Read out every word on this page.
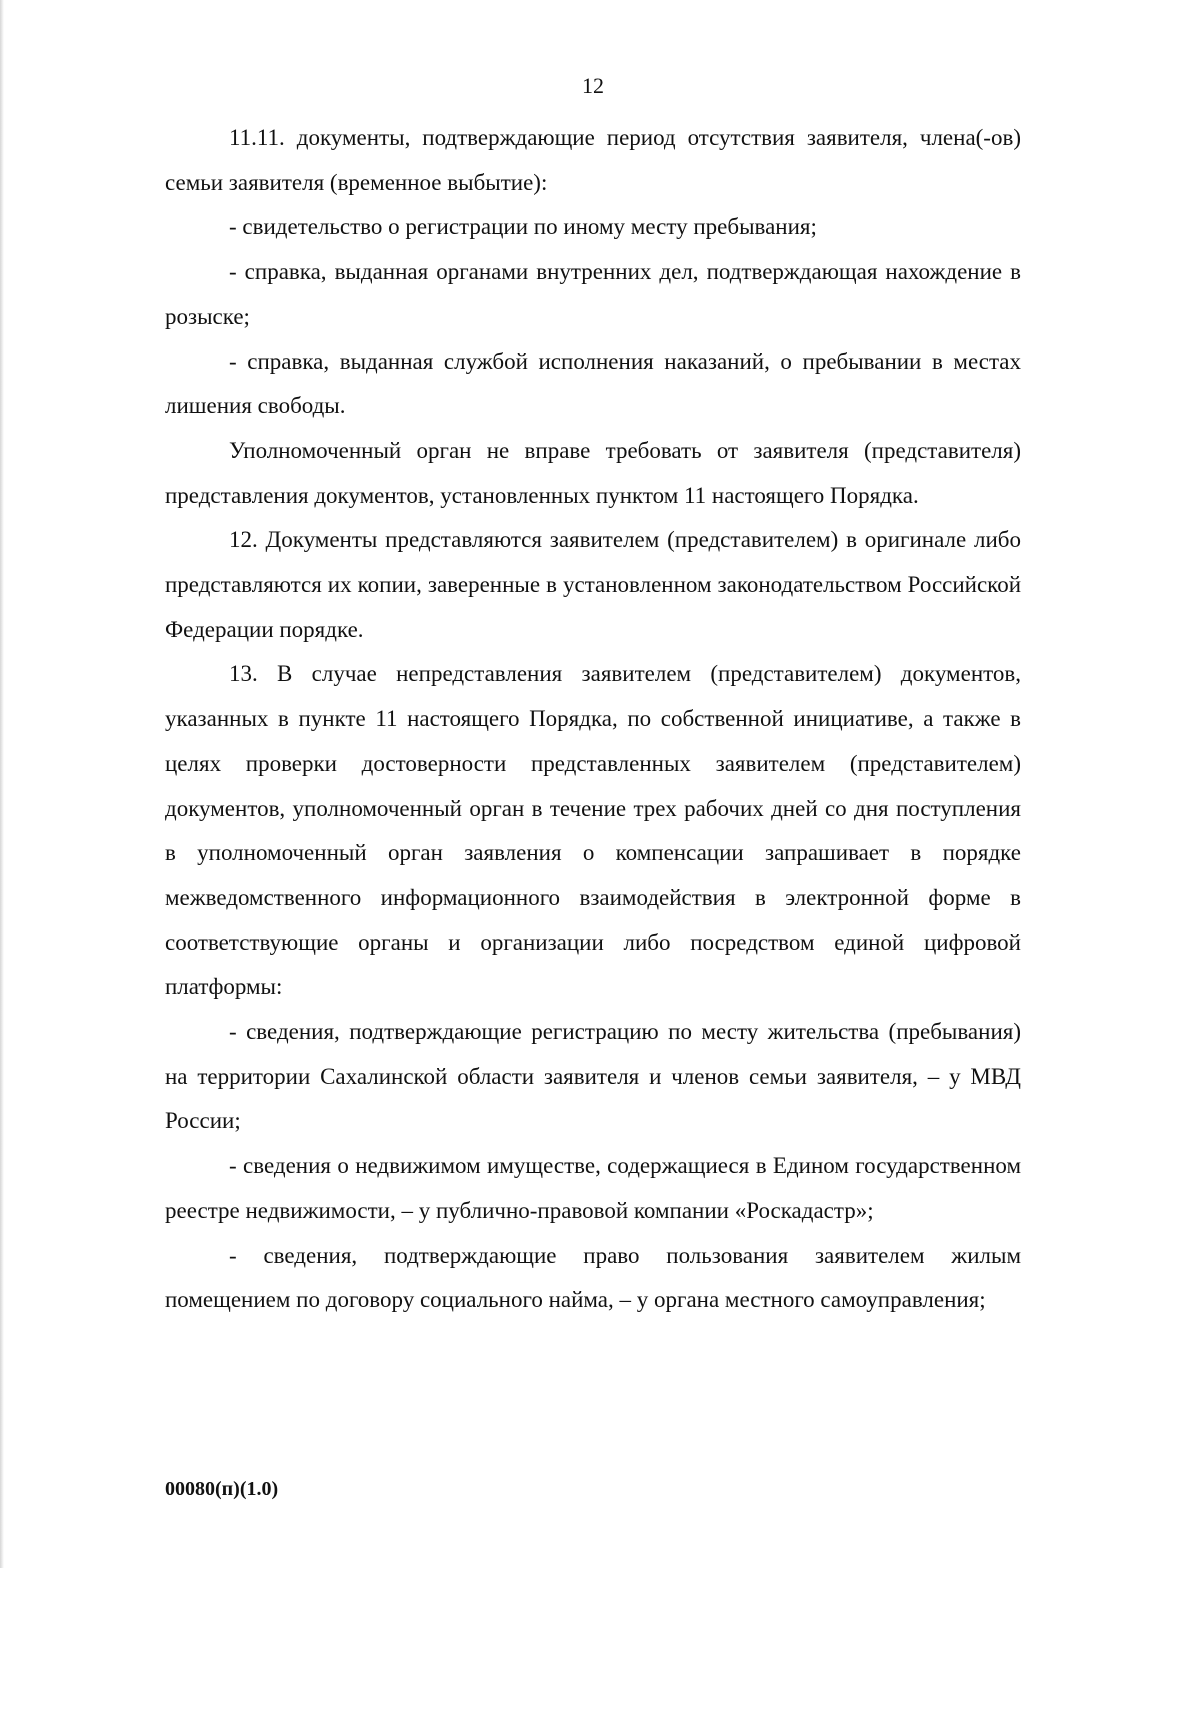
12

11.11. документы, подтверждающие период отсутствия заявителя, члена(-ов) семьи заявителя (временное выбытие):

- свидетельство о регистрации по иному месту пребывания;

- справка, выданная органами внутренних дел, подтверждающая нахождение в розыске;

- справка, выданная службой исполнения наказаний, о пребывании в местах лишения свободы.

Уполномоченный орган не вправе требовать от заявителя (представителя) представления документов, установленных пунктом 11 настоящего Порядка.

12. Документы представляются заявителем (представителем) в оригинале либо представляются их копии, заверенные в установленном законодательством Российской Федерации порядке.

13. В случае непредставления заявителем (представителем) документов, указанных в пункте 11 настоящего Порядка, по собственной инициативе, а также в целях проверки достоверности представленных заявителем (представителем) документов, уполномоченный орган в течение трех рабочих дней со дня поступления в уполномоченный орган заявления о компенсации запрашивает в порядке межведомственного информационного взаимодействия в электронной форме в соответствующие органы и организации либо посредством единой цифровой платформы:

- сведения, подтверждающие регистрацию по месту жительства (пребывания) на территории Сахалинской области заявителя и членов семьи заявителя, – у МВД России;

- сведения о недвижимом имуществе, содержащиеся в Едином государственном реестре недвижимости, – у публично-правовой компании «Роскадастр»;

- сведения, подтверждающие право пользования заявителем жилым помещением по договору социального найма, – у органа местного самоуправления;

00080(п)(1.0)
